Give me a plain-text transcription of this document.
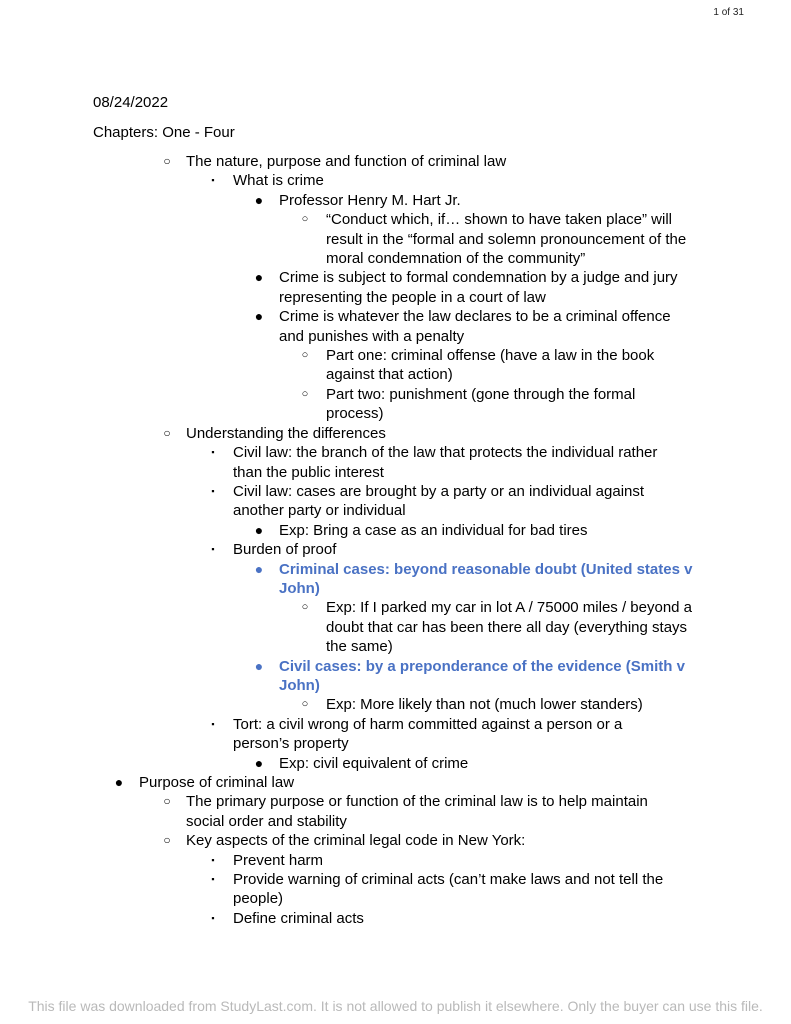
1 of 31
08/24/2022
Chapters: One - Four
○ The nature, purpose and function of criminal law
▪ What is crime
● Professor Henry M. Hart Jr.
○ “Conduct which, if… shown to have taken place” will result in the “formal and solemn pronouncement of the moral condemnation of the community”
● Crime is subject to formal condemnation by a judge and jury representing the people in a court of law
● Crime is whatever the law declares to be a criminal offence and punishes with a penalty
○ Part one: criminal offense (have a law in the book against that action)
○ Part two: punishment (gone through the formal process)
○ Understanding the differences
▪ Civil law: the branch of the law that protects the individual rather than the public interest
▪ Civil law: cases are brought by a party or an individual against another party or individual
● Exp: Bring a case as an individual for bad tires
▪ Burden of proof
● Criminal cases: beyond reasonable doubt (United states v John)
○ Exp: If I parked my car in lot A / 75000 miles / beyond a doubt that car has been there all day (everything stays the same)
● Civil cases: by a preponderance of the evidence (Smith v John)
○ Exp: More likely than not (much lower standers)
▪ Tort: a civil wrong of harm committed against a person or a person’s property
● Exp: civil equivalent of crime
● Purpose of criminal law
○ The primary purpose or function of the criminal law is to help maintain social order and stability
○ Key aspects of the criminal legal code in New York:
▪ Prevent harm
▪ Provide warning of criminal acts (can’t make laws and not tell the people)
▪ Define criminal acts
This file was downloaded from StudyLast.com. It is not allowed to publish it elsewhere. Only the buyer can use this file.
